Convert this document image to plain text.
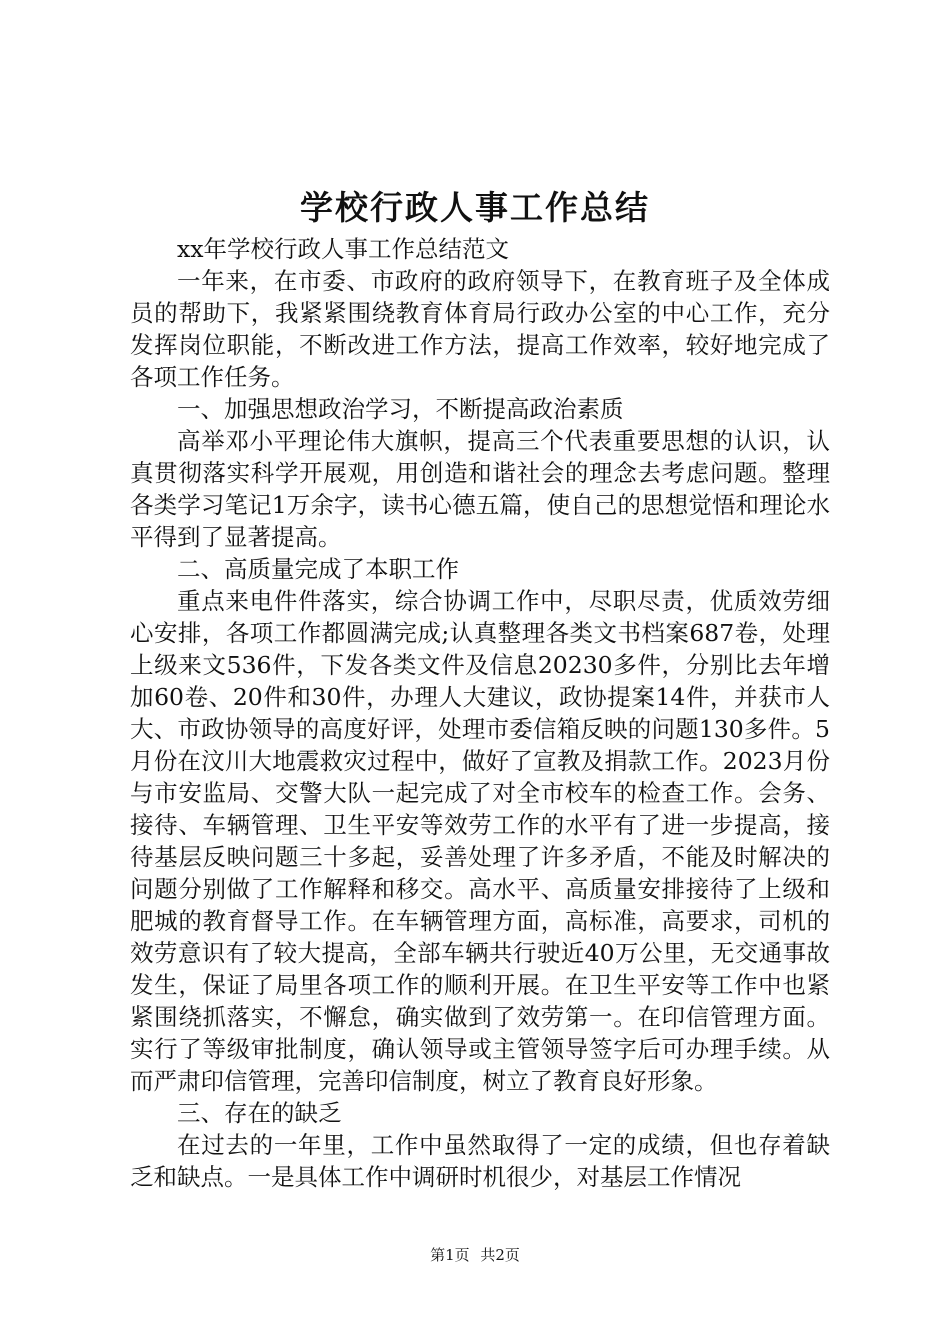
学校行政人事工作总结

xx年学校行政人事工作总结范文

一年来，在市委、市政府的政府领导下，在教育班子及全体成员的帮助下，我紧紧围绕教育体育局行政办公室的中心工作，充分发挥岗位职能，不断改进工作方法，提高工作效率，较好地完成了各项工作任务。

一、加强思想政治学习，不断提高政治素质

高举邓小平理论伟大旗帜，提高三个代表重要思想的认识，认真贯彻落实科学开展观，用创造和谐社会的理念去考虑问题。整理各类学习笔记1万余字，读书心德五篇，使自己的思想觉悟和理论水平得到了显著提高。

二、高质量完成了本职工作

重点来电件件落实，综合协调工作中，尽职尽责，优质效劳细心安排，各项工作都圆满完成;认真整理各类文书档案687卷，处理上级来文536件，下发各类文件及信息20230多件，分别比去年增加60卷、20件和30件，办理人大建议，政协提案14件，并获市人大、市政协领导的高度好评，处理市委信箱反映的问题130多件。5月份在汶川大地震救灾过程中，做好了宣教及捐款工作。2023月份与市安监局、交警大队一起完成了对全市校车的检查工作。会务、接待、车辆管理、卫生平安等效劳工作的水平有了进一步提高，接待基层反映问题三十多起，妥善处理了许多矛盾，不能及时解决的问题分别做了工作解释和移交。高水平、高质量安排接待了上级和肥城的教育督导工作。在车辆管理方面，高标准，高要求，司机的效劳意识有了较大提高，全部车辆共行驶近40万公里，无交通事故发生，保证了局里各项工作的顺利开展。在卫生平安等工作中也紧紧围绕抓落实，不懈怠，确实做到了效劳第一。在印信管理方面。实行了等级审批制度，确认领导或主管领导签字后可办理手续。从而严肃印信管理，完善印信制度，树立了教育良好形象。

三、存在的缺乏

在过去的一年里，工作中虽然取得了一定的成绩，但也存着缺乏和缺点。一是具体工作中调研时机很少，对基层工作情况

第1页 共2页
